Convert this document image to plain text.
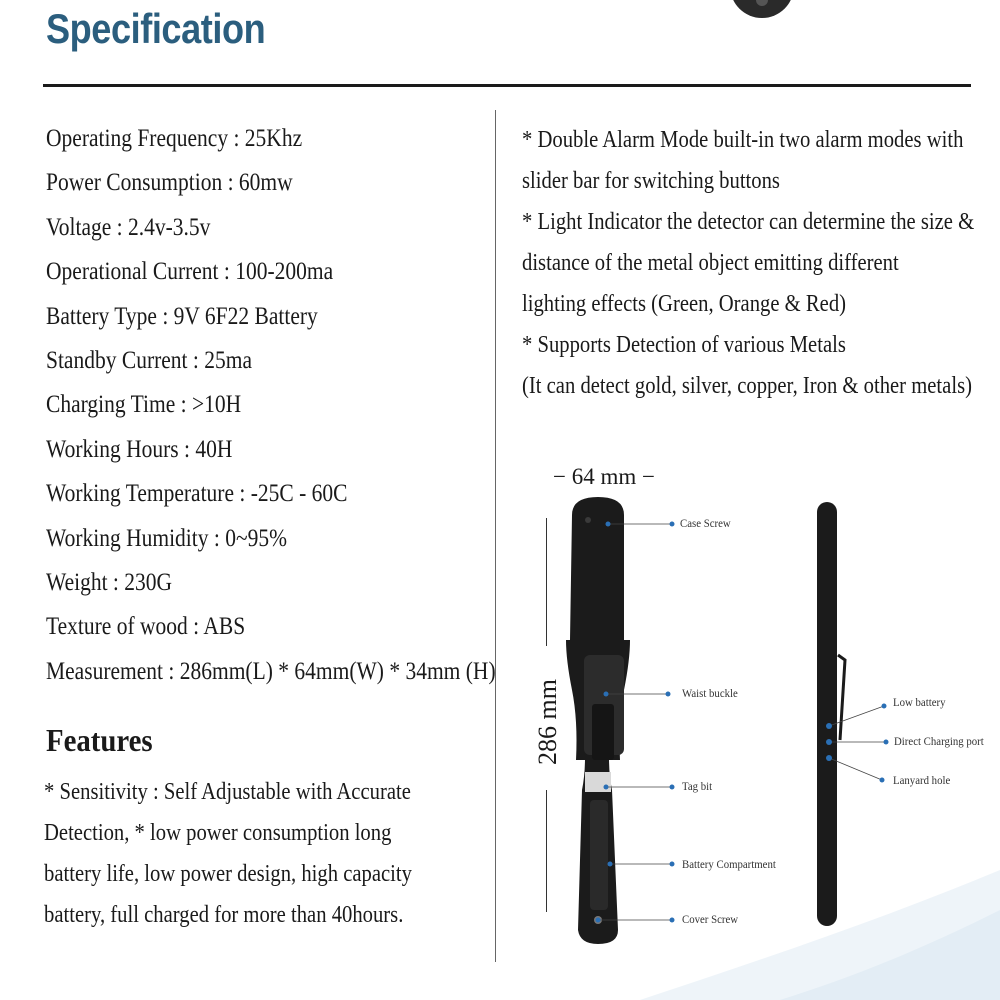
Specification
Operating Frequency : 25Khz
Power Consumption : 60mw
Voltage : 2.4v-3.5v
Operational Current : 100-200ma
Battery Type : 9V 6F22 Battery
Standby Current : 25ma
Charging Time : >10H
Working Hours : 40H
Working Temperature : -25C - 60C
Working Humidity : 0~95%
Weight : 230G
Texture of wood : ABS
Measurement : 286mm(L) * 64mm(W) * 34mm (H)
Features

* Sensitivity : Self Adjustable with Accurate Detection, * low power consumption long battery life, low power design, high capacity battery, full charged for more than 40hours.

* Double Alarm Mode built-in two alarm modes with

slider bar for switching buttons

* Light Indicator the detector can determine the size &

distance of the metal object emitting different

lighting effects (Green, Orange & Red)

* Supports Detection of various Metals

(It can detect gold, silver, copper, Iron & other metals)

− 64 mm −
286 mm
Case Screw
Waist buckle
Tag bit
Battery Compartment
Cover Screw
Low battery
Direct Charging port
Lanyard hole
